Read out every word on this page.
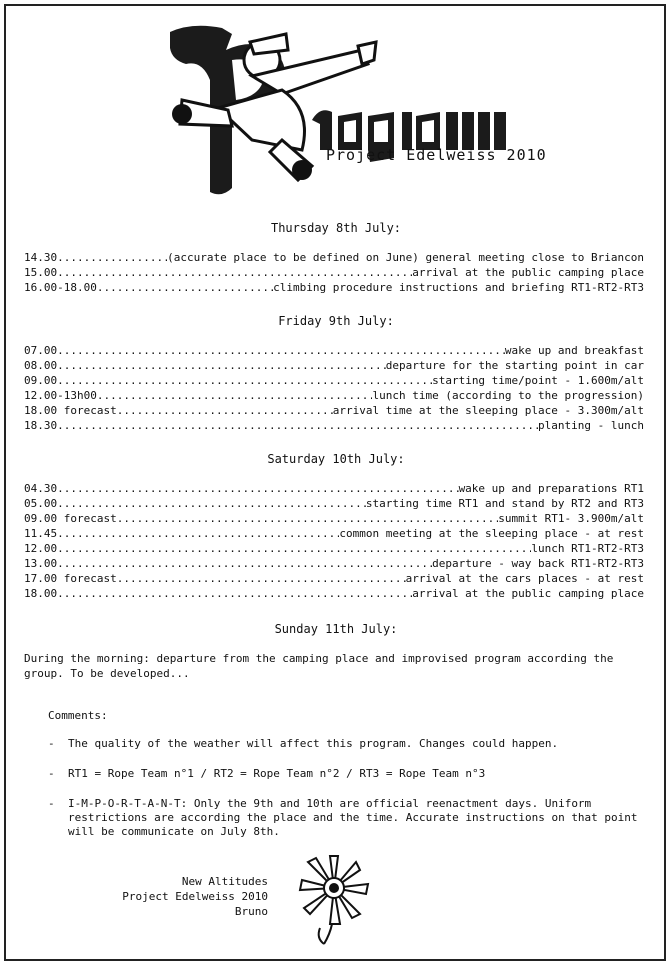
Project Edelweiss 2010
Thursday 8th July:
14.30 .....	(accurate place to be defined on June) general meeting close to Briancon
15.00 .....	arrival at the public camping place
16.00-18.00 .....	climbing procedure instructions and briefing RT1-RT2-RT3
Friday 9th July:
07.00 .....	wake up and breakfast
08.00 .....	departure for the starting point in car
09.00 .....	starting time/point - 1.600m/alt
12.00-13h00 .....	lunch time (according to the progression)
18.00 forecast .....	arrival time at the sleeping place - 3.300m/alt
18.30 .....	planting - lunch
Saturday 10th July:
04.30 .....	wake up and preparations RT1
05.00 .....	starting time RT1 and stand by RT2 and RT3
09.00 forecast .....	summit RT1- 3.900m/alt
11.45 .....	common meeting at the sleeping place - at rest
12.00 .....	lunch RT1-RT2-RT3
13.00 .....	departure - way back RT1-RT2-RT3
17.00 forecast .....	arrival at the cars places - at rest
18.00 .....	arrival at the public camping place
Sunday 11th July:
During the morning: departure from the camping place and improvised program according the group. To be developed...
Comments:
-	The quality of the weather will affect this program. Changes could happen.
-	RT1 = Rope Team n°1 / RT2 = Rope Team n°2 / RT3 = Rope Team n°3
-	I-M-P-O-R-T-A-N-T: Only the 9th and 10th are official reenactment days. Uniform restrictions are according the place and the time. Accurate instructions on that point will be communicate on July 8th.
New Altitudes
Project Edelweiss 2010
Bruno
